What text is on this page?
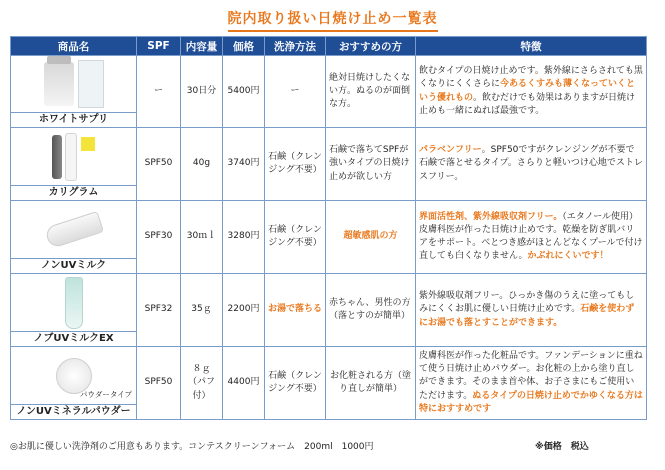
院内取り扱い日焼け止め一覧表
商品名	SPF	内容量	価格	洗浄方法	おすすめの方	特徴

ホワイトサプリ	ー	30日分	5400円	ー	絶対日焼けしたくない方。ぬるのが面倒な方。	飲むタイプの日焼け止めです。紫外線にさらされても黒くなりにくくさらに今あるくすみも薄くなっていくという優れもの。飲むだけでも効果はありますが日焼け止めも一緒にぬれば最強です。

カリグラム	SPF50	40g	3740円	石鹸（クレンジング不要）	石鹸で落ちてSPFが強いタイプの日焼け止めが欲しい方	パラベンフリー。SPF50ですがクレンジングが不要で石鹸で落とせるタイプ。さらりと軽いつけ心地でストレスフリー。

ノンUVミルク	SPF30	30ｍｌ	3280円	石鹸（クレンジング不要）	超敏感肌の方	界面活性剤、紫外線吸収剤フリー。（エタノール使用）皮膚科医が作った日焼け止めです。乾燥を防ぎ肌バリアをサポート。べとつき感がほとんどなくプールで付け直しても白くなりません。かぶれにくいです！

ノブUVミルクEX	SPF32	35ｇ	2200円	お湯で落ちる	赤ちゃん、男性の方（落とすのが簡単）	紫外線吸収剤フリー。ひっかき傷のうえに塗ってもしみにくくお肌に優しい日焼け止めです。石鹸を使わずにお湯でも落とすことができます。

パウダータイプ
ノンUVミネラルパウダー	SPF50	８ｇ（パフ付）	4400円	石鹸（クレンジング不要）	お化粧される方（塗り直しが簡単）	皮膚科医が作った化粧品です。ファンデーションに重ねて使う日焼け止めパウダー。お化粧の上から塗り直しができます。そのまま首や体、お子さまにもご使用いただけます。ぬるタイプの日焼け止めでかゆくなる方は特におすすめです
◎お肌に優しい洗浄剤のご用意もあります。コンテスクリーンフォーム　200ml　1000円	※価格　税込
